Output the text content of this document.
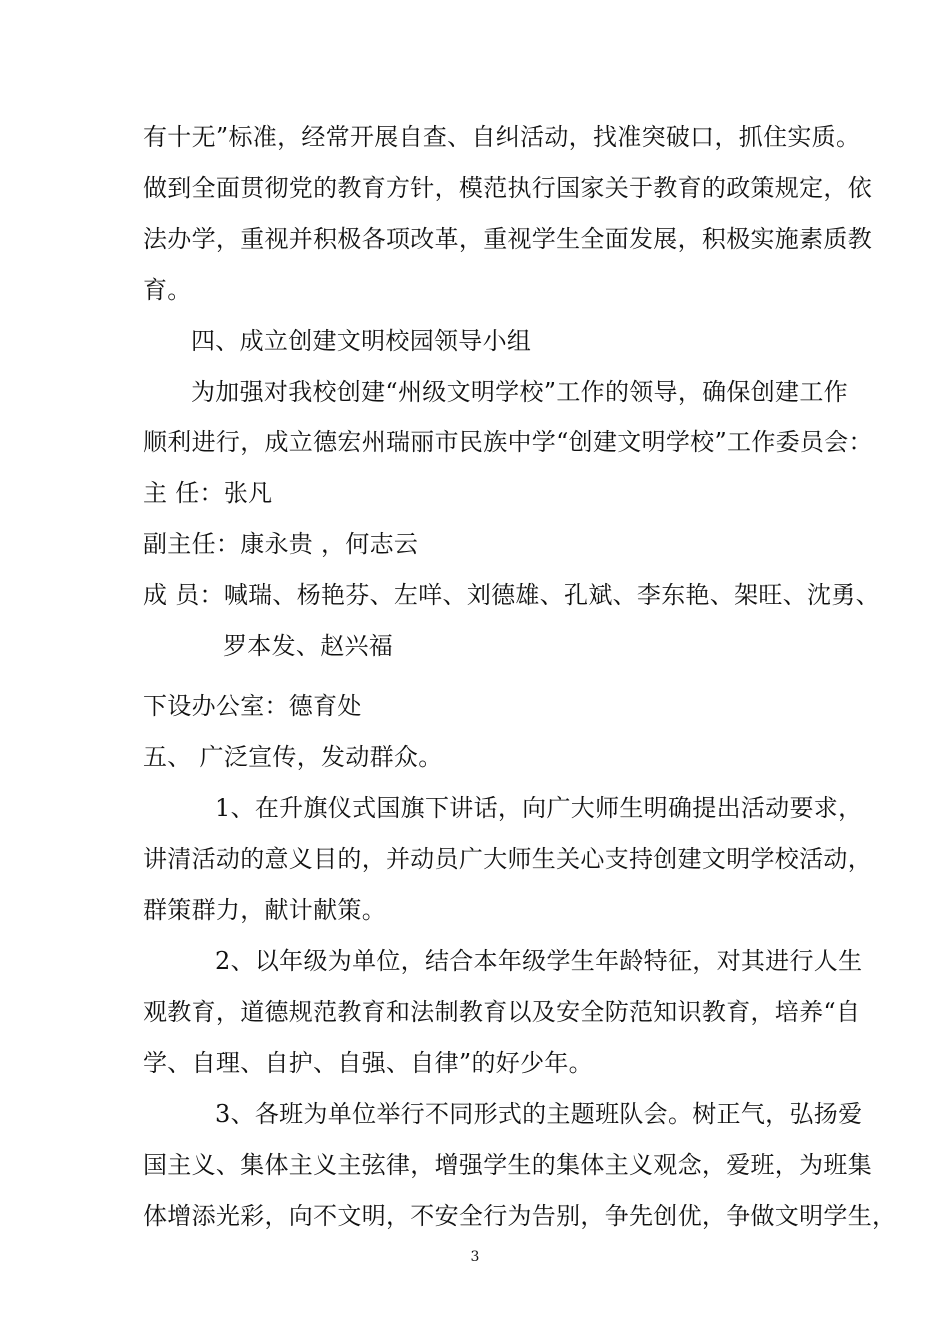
有十无”标准，经常开展自查、自纠活动，找准突破口，抓住实质。
做到全面贯彻党的教育方针，模范执行国家关于教育的政策规定，依
法办学，重视并积极各项改革，重视学生全面发展，积极实施素质教
育。
四、成立创建文明校园领导小组
为加强对我校创建“州级文明学校”工作的领导，确保创建工作
顺利进行，成立德宏州瑞丽市民族中学“创建文明学校”工作委员会：
主 任：张凡
副主任：康永贵 ，何志云
成 员：喊瑞、杨艳芬、左咩、刘德雄、孔斌、李东艳、架旺、沈勇、
罗本发、赵兴福
下设办公室：德育处
五、 广泛宣传，发动群众。
1、在升旗仪式国旗下讲话，向广大师生明确提出活动要求，
讲清活动的意义目的，并动员广大师生关心支持创建文明学校活动，
群策群力，献计献策。
2、以年级为单位，结合本年级学生年龄特征，对其进行人生
观教育，道德规范教育和法制教育以及安全防范知识教育，培养“自
学、自理、自护、自强、自律”的好少年。
3、各班为单位举行不同形式的主题班队会。树正气，弘扬爱
国主义、集体主义主弦律，增强学生的集体主义观念，爱班，为班集
体增添光彩，向不文明，不安全行为告别，争先创优，争做文明学生，
3
